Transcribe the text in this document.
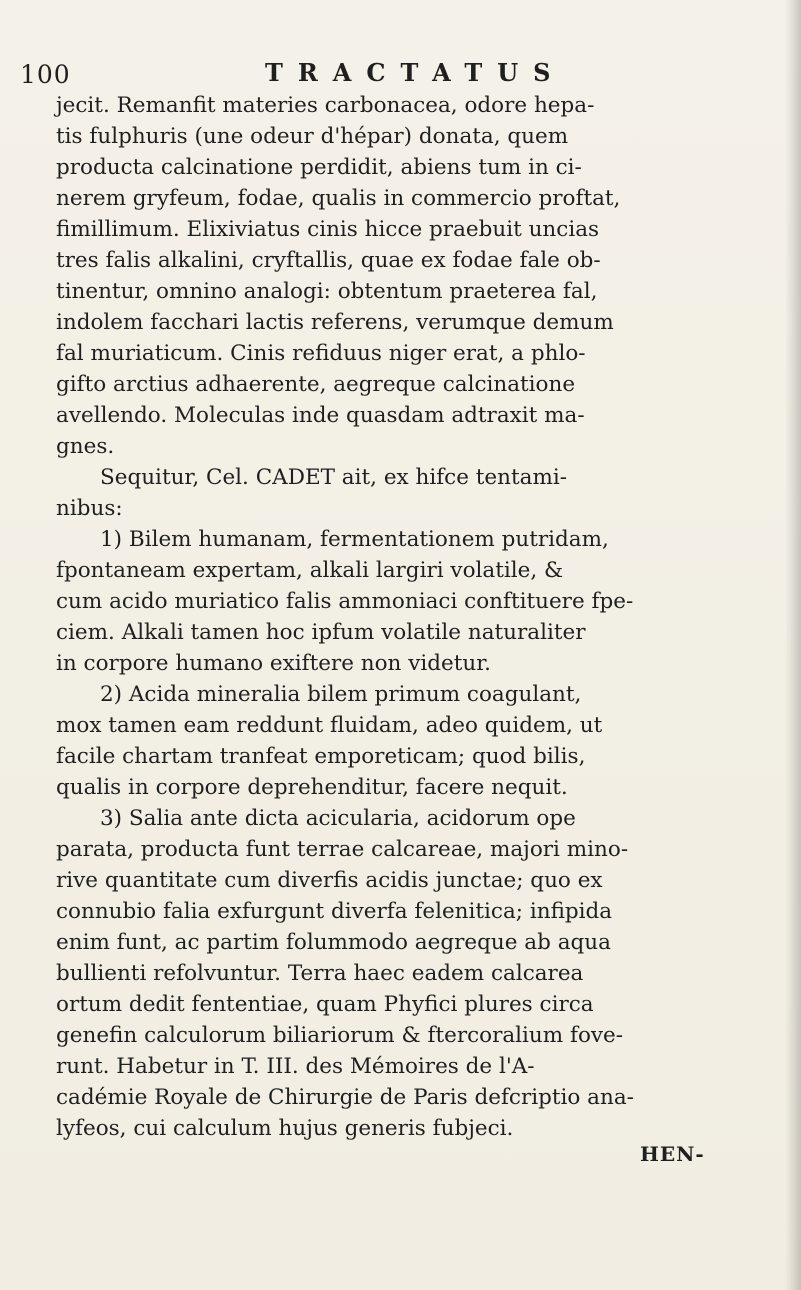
100	TRACTATUS
jecit. Remanfit materies carbonacea, odore hepa-
tis fulphuris (une odeur d'hépar) donata, quem
producta calcinatione perdidit, abiens tum in ci-
nerem gryfeum, fodae, qualis in commercio proftat,
fimillimum. Elixiviatus cinis hicce praebuit uncias
tres falis alkalini, cryftallis, quae ex fodae fale ob-
tinentur, omnino analogi: obtentum praeterea fal,
indolem facchari lactis referens, verumque demum
fal muriaticum. Cinis refiduus niger erat, a phlo-
gifto arctius adhaerente, aegreque calcinatione
avellendo. Moleculas inde quasdam adtraxit ma-
gnes.
Sequitur, Cel. CADET ait, ex hifce tentami-
nibus:
1) Bilem humanam, fermentationem putridam,
fpontaneam expertam, alkali largiri volatile, &
cum acido muriatico falis ammoniaci conftituere fpe-
ciem. Alkali tamen hoc ipfum volatile naturaliter
in corpore humano exiftere non videtur.
2) Acida mineralia bilem primum coagulant,
mox tamen eam reddunt fluidam, adeo quidem, ut
facile chartam tranfeat emporeticam; quod bilis,
qualis in corpore deprehenditur, facere nequit.
3) Salia ante dicta acicularia, acidorum ope
parata, producta funt terrae calcareae, majori mino-
rive quantitate cum diverfis acidis junctae; quo ex
connubio falia exfurgunt diverfa felenitica; infipida
enim funt, ac partim folummodo aegreque ab aqua
bullienti refolvuntur. Terra haec eadem calcarea
ortum dedit fententiae, quam Phyfici plures circa
genefin calculorum biliariorum & ftercoralium fove-
runt. Habetur in T. III. des Mémoires de l'A-
cadémie Royale de Chirurgie de Paris defcriptio ana-
lyfeos, cui calculum hujus generis fubjeci.
HEN-
